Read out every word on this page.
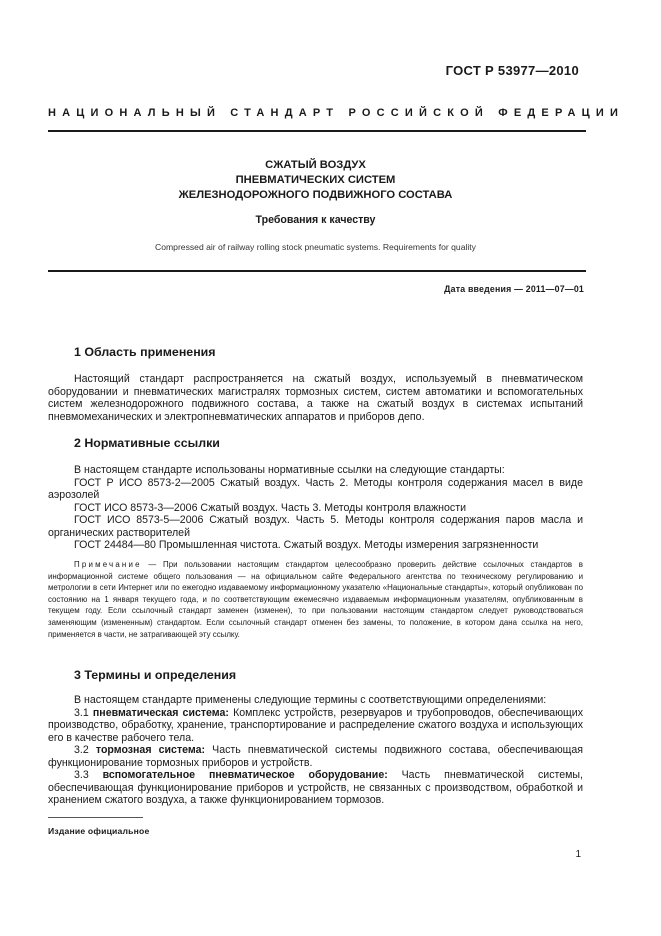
ГОСТ Р 53977—2010
НАЦИОНАЛЬНЫЙ СТАНДАРТ РОССИЙСКОЙ ФЕДЕРАЦИИ
СЖАТЫЙ ВОЗДУХ
ПНЕВМАТИЧЕСКИХ СИСТЕМ
ЖЕЛЕЗНОДОРОЖНОГО ПОДВИЖНОГО СОСТАВА
Требования к качеству
Compressed air of railway rolling stock pneumatic systems. Requirements for quality
Дата введения — 2011—07—01
1 Область применения
Настоящий стандарт распространяется на сжатый воздух, используемый в пневматическом оборудовании и пневматических магистралях тормозных систем, систем автоматики и вспомогательных систем железнодорожного подвижного состава, а также на сжатый воздух в системах испытаний пневмомеханических и электропневматических аппаратов и приборов депо.
2 Нормативные ссылки
В настоящем стандарте использованы нормативные ссылки на следующие стандарты:
ГОСТ Р ИСО 8573-2—2005 Сжатый воздух. Часть 2. Методы контроля содержания масел в виде аэрозолей
ГОСТ ИСО 8573-3—2006 Сжатый воздух. Часть 3. Методы контроля влажности
ГОСТ ИСО 8573-5—2006 Сжатый воздух. Часть 5. Методы контроля содержания паров масла и органических растворителей
ГОСТ 24484—80 Промышленная чистота. Сжатый воздух. Методы измерения загрязненности
Примечание — При пользовании настоящим стандартом целесообразно проверить действие ссылочных стандартов в информационной системе общего пользования — на официальном сайте Федерального агентства по техническому регулированию и метрологии в сети Интернет или по ежегодно издаваемому информационному указателю «Национальные стандарты», который опубликован по состоянию на 1 января текущего года, и по соответствующим ежемесячно издаваемым информационным указателям, опубликованным в текущем году. Если ссылочный стандарт заменен (изменен), то при пользовании настоящим стандартом следует руководствоваться заменяющим (измененным) стандартом. Если ссылочный стандарт отменен без замены, то положение, в котором дана ссылка на него, применяется в части, не затрагивающей эту ссылку.
3 Термины и определения
В настоящем стандарте применены следующие термины с соответствующими определениями:
3.1 пневматическая система: Комплекс устройств, резервуаров и трубопроводов, обеспечивающих производство, обработку, хранение, транспортирование и распределение сжатого воздуха и использующих его в качестве рабочего тела.
3.2 тормозная система: Часть пневматической системы подвижного состава, обеспечивающая функционирование тормозных приборов и устройств.
3.3 вспомогательное пневматическое оборудование: Часть пневматической системы, обеспечивающая функционирование приборов и устройств, не связанных с производством, обработкой и хранением сжатого воздуха, а также функционированием тормозов.
Издание официальное
1
